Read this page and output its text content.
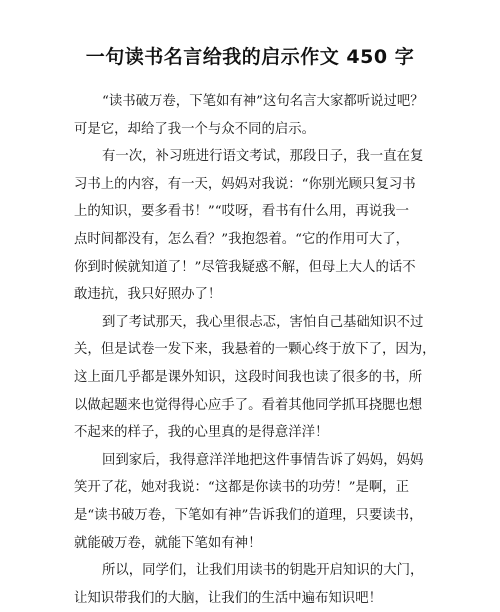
一句读书名言给我的启示作文 450 字
“读书破万卷，下笔如有神”这句名言大家都听说过吧？
可是它，却给了我一个与众不同的启示。
有一次，补习班进行语文考试，那段日子，我一直在复
习书上的内容，有一天，妈妈对我说：“你别光顾只复习书
上的知识，要多看书！”“哎呀，看书有什么用，再说我一
点时间都没有，怎么看？”我抱怨着。“它的作用可大了，
你到时候就知道了！”尽管我疑惑不解，但母上大人的话不
敢违抗，我只好照办了！
到了考试那天，我心里很忐忑，害怕自己基础知识不过
关，但是试卷一发下来，我悬着的一颗心终于放下了，因为，
这上面几乎都是课外知识，这段时间我也读了很多的书，所
以做起题来也觉得得心应手了。看着其他同学抓耳挠腮也想
不起来的样子，我的心里真的是得意洋洋！
回到家后，我得意洋洋地把这件事情告诉了妈妈，妈妈
笑开了花，她对我说：“这都是你读书的功劳！”是啊，正
是“读书破万卷，下笔如有神”告诉我们的道理，只要读书，
就能破万卷，就能下笔如有神！
所以，同学们，让我们用读书的钥匙开启知识的大门，
让知识带我们的大脑，让我们的生活中遍布知识吧！
